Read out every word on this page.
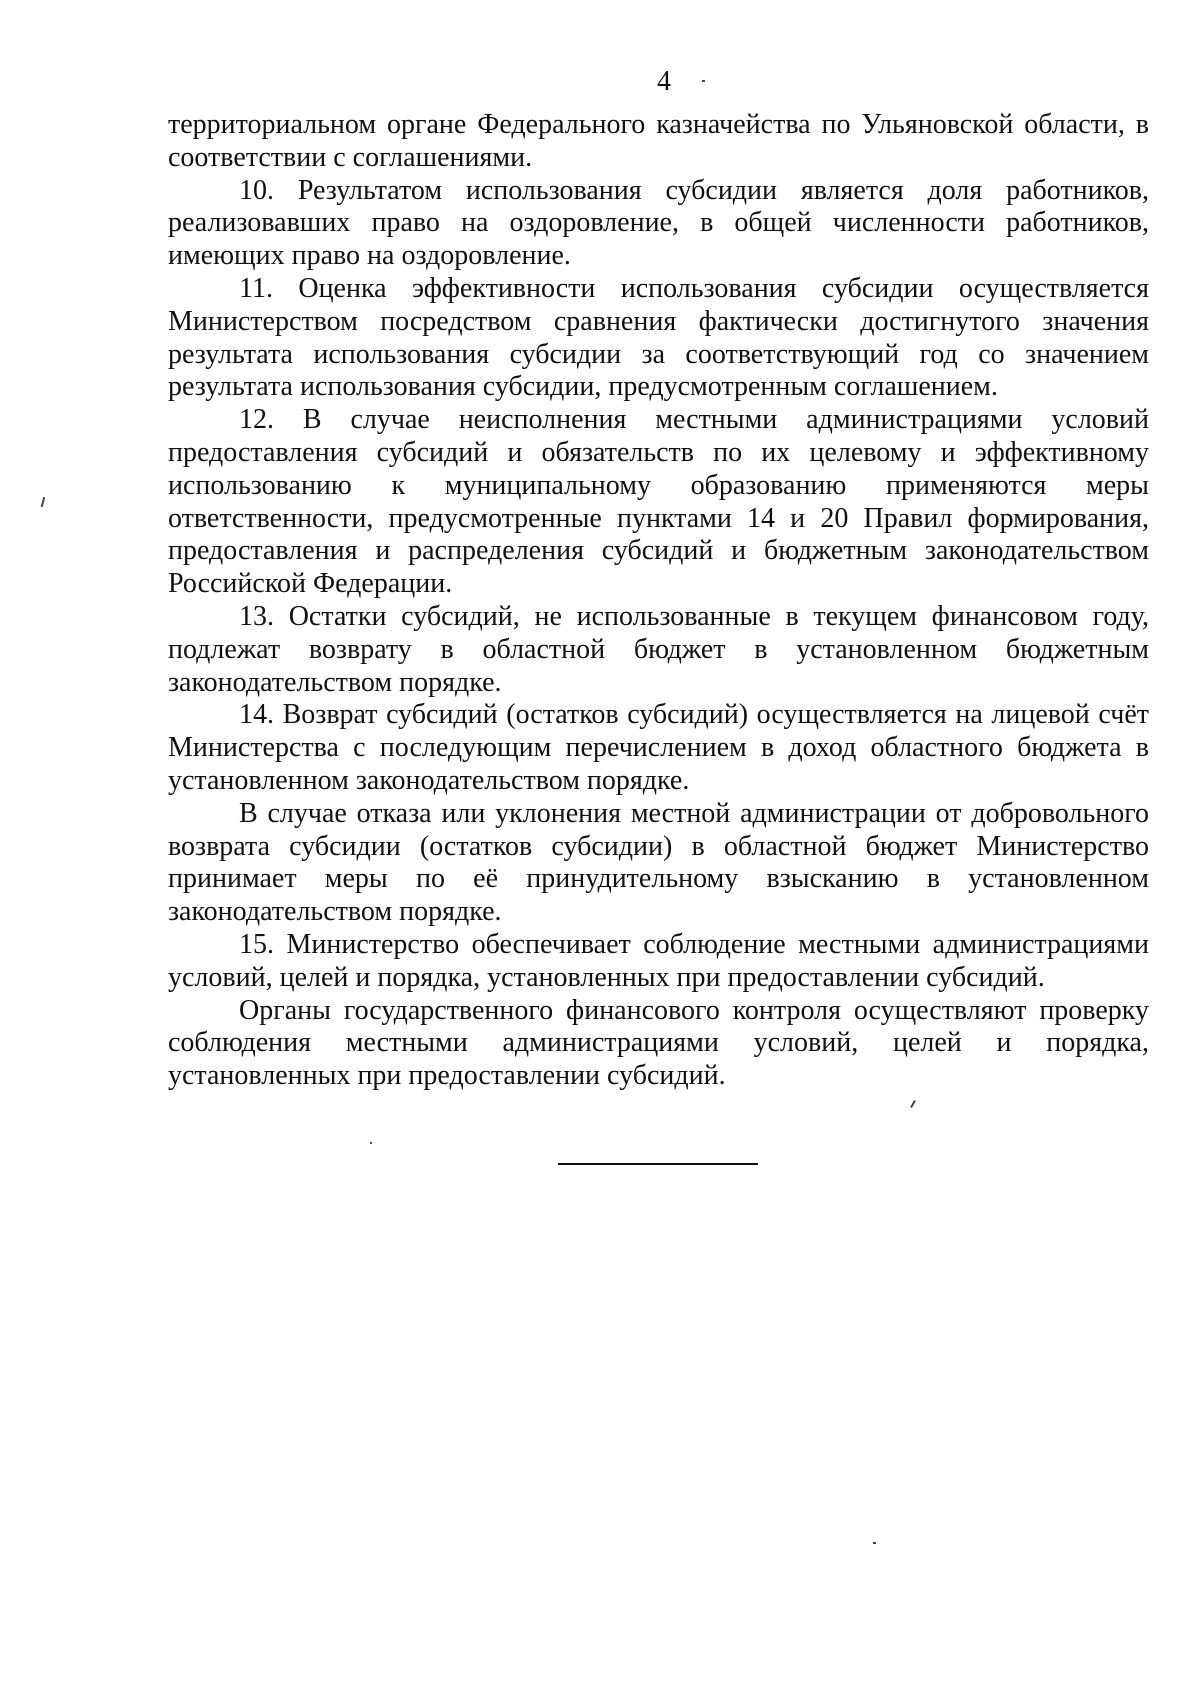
4

территориальном органе Федерального казначейства по Ульяновской области, в соответствии с соглашениями.

10. Результатом использования субсидии является доля работников, реализовавших право на оздоровление, в общей численности работников, имеющих право на оздоровление.

11. Оценка эффективности использования субсидии осуществляется Министерством посредством сравнения фактически достигнутого значения результата использования субсидии за соответствующий год со значением результата использования субсидии, предусмотренным соглашением.

12. В случае неисполнения местными администрациями условий предоставления субсидий и обязательств по их целевому и эффективному использованию к муниципальному образованию применяются меры ответственности, предусмотренные пунктами 14 и 20 Правил формирования, предоставления и распределения субсидий и бюджетным законодательством Российской Федерации.

13. Остатки субсидий, не использованные в текущем финансовом году, подлежат возврату в областной бюджет в установленном бюджетным законодательством порядке.

14. Возврат субсидий (остатков субсидий) осуществляется на лицевой счёт Министерства с последующим перечислением в доход областного бюджета в установленном законодательством порядке.

В случае отказа или уклонения местной администрации от добровольного возврата субсидии (остатков субсидии) в областной бюджет Министерство принимает меры по её принудительному взысканию в установленном законодательством порядке.

15. Министерство обеспечивает соблюдение местными администрациями условий, целей и порядка, установленных при предоставлении субсидий.

Органы государственного финансового контроля осуществляют проверку соблюдения местными администрациями условий, целей и порядка, установленных при предоставлении субсидий.
